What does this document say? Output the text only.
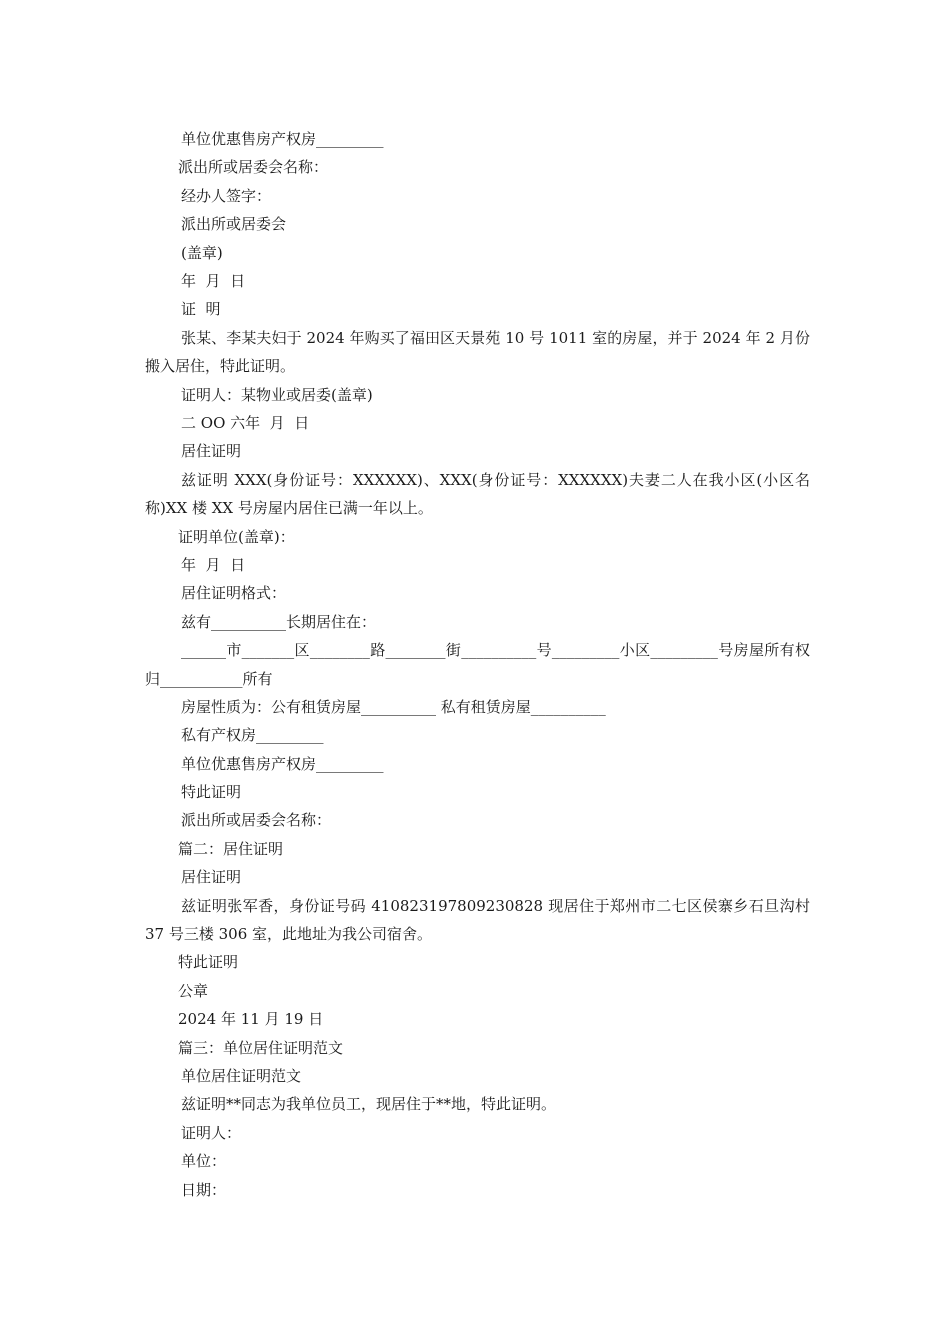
单位优惠售房产权房_________
派出所或居委会名称：
经办人签字：
派出所或居委会
(盖章)
年  月  日
证  明

张某、李某夫妇于 2024 年购买了福田区天景苑 10 号 1011 室的房屋，并于 2024 年 2 月份搬入居住，特此证明。

证明人：某物业或居委(盖章)
二 OO 六年  月  日
居住证明

兹证明 XXX(身份证号：XXXXXX)、XXX(身份证号：XXXXXX)夫妻二人在我小区(小区名称)XX 楼 XX 号房屋内居住已满一年以上。

证明单位(盖章)：
年  月  日
居住证明格式：
兹有__________长期居住在：

______市_______区________路________街__________号_________小区_________号房屋所有权归___________所有

房屋性质为：公有租赁房屋__________ 私有租赁房屋__________
私有产权房_________
单位优惠售房产权房_________
特此证明
派出所或居委会名称：
篇二：居住证明
居住证明

兹证明张军香，身份证号码 410823197809230828 现居住于郑州市二七区侯寨乡石旦沟村 37 号三楼 306 室，此地址为我公司宿舍。

特此证明
公章
2024 年 11 月 19 日
篇三：单位居住证明范文
单位居住证明范文
兹证明**同志为我单位员工，现居住于**地，特此证明。
证明人：
单位：
日期：
